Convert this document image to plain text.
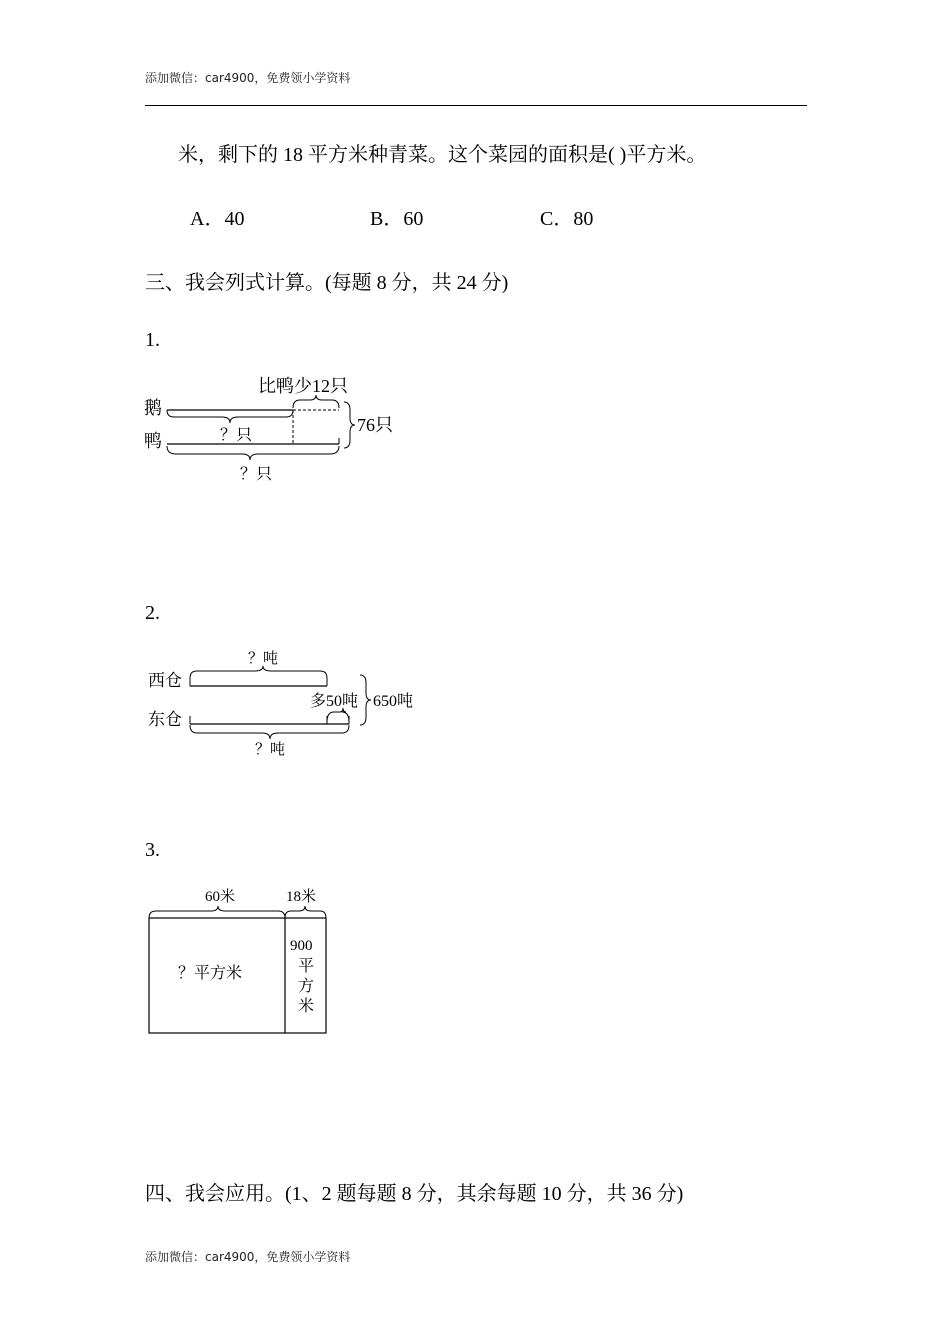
添加微信：car4900，免费领小学资料
米，剩下的 18 平方米种青菜。这个菜园的面积是( )平方米。
A．40	B．60	C．80
三、我会列式计算。(每题 8 分，共 24 分)
1.
鹅
鸭
比鸭少12只
？只
？只
76只
2.
？吨
西仓
多50吨
东仓
？吨
650吨
3.
60米	18米
？平方米
900
平
方
米
四、我会应用。(1、2 题每题 8 分，其余每题 10 分，共 36 分)
添加微信：car4900，免费领小学资料
